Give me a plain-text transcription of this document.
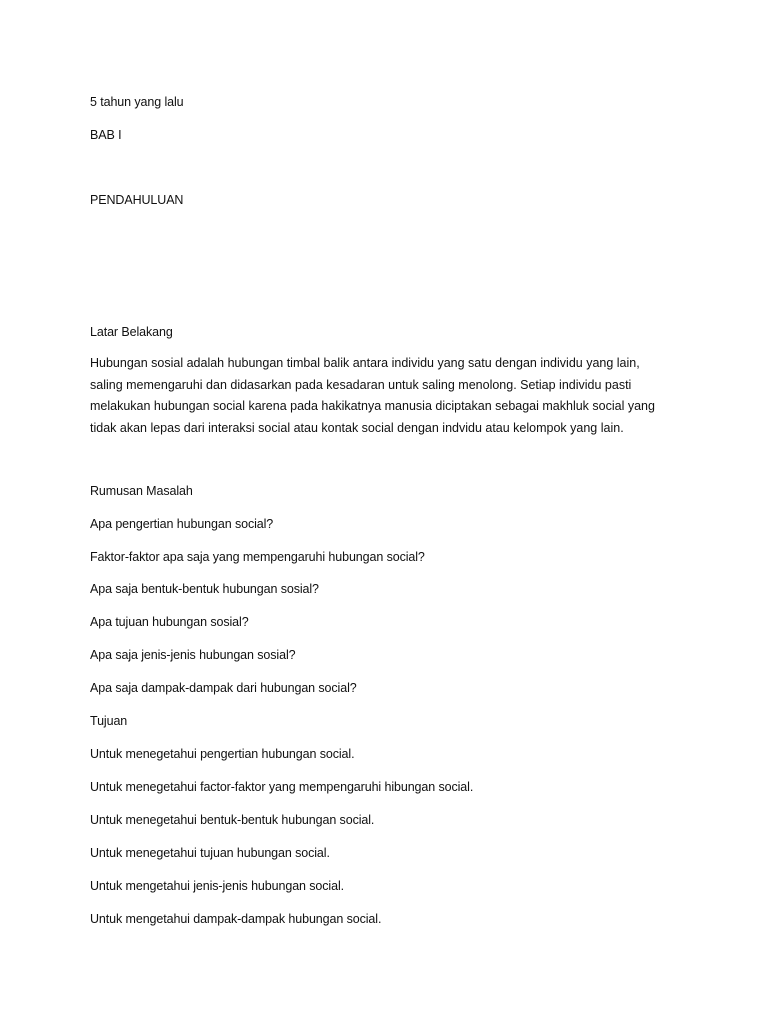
5 tahun yang lalu
BAB I
PENDAHULUAN
Latar Belakang
Hubungan sosial adalah hubungan timbal balik antara individu yang satu dengan individu yang lain,
saling memengaruhi dan didasarkan pada kesadaran untuk saling menolong. Setiap individu pasti
melakukan hubungan social karena pada hakikatnya manusia diciptakan sebagai makhluk social yang
tidak akan lepas dari interaksi social atau kontak social dengan indvidu atau kelompok yang lain.
Rumusan Masalah
Apa pengertian hubungan social?
Faktor-faktor apa saja yang mempengaruhi hubungan social?
Apa saja bentuk-bentuk hubungan sosial?
Apa tujuan hubungan sosial?
Apa saja jenis-jenis hubungan sosial?
Apa saja dampak-dampak dari hubungan social?
Tujuan
Untuk menegetahui pengertian hubungan social.
Untuk menegetahui factor-faktor yang mempengaruhi hibungan social.
Untuk menegetahui bentuk-bentuk hubungan social.
Untuk menegetahui tujuan hubungan social.
Untuk mengetahui jenis-jenis hubungan social.
Untuk mengetahui dampak-dampak hubungan social.
